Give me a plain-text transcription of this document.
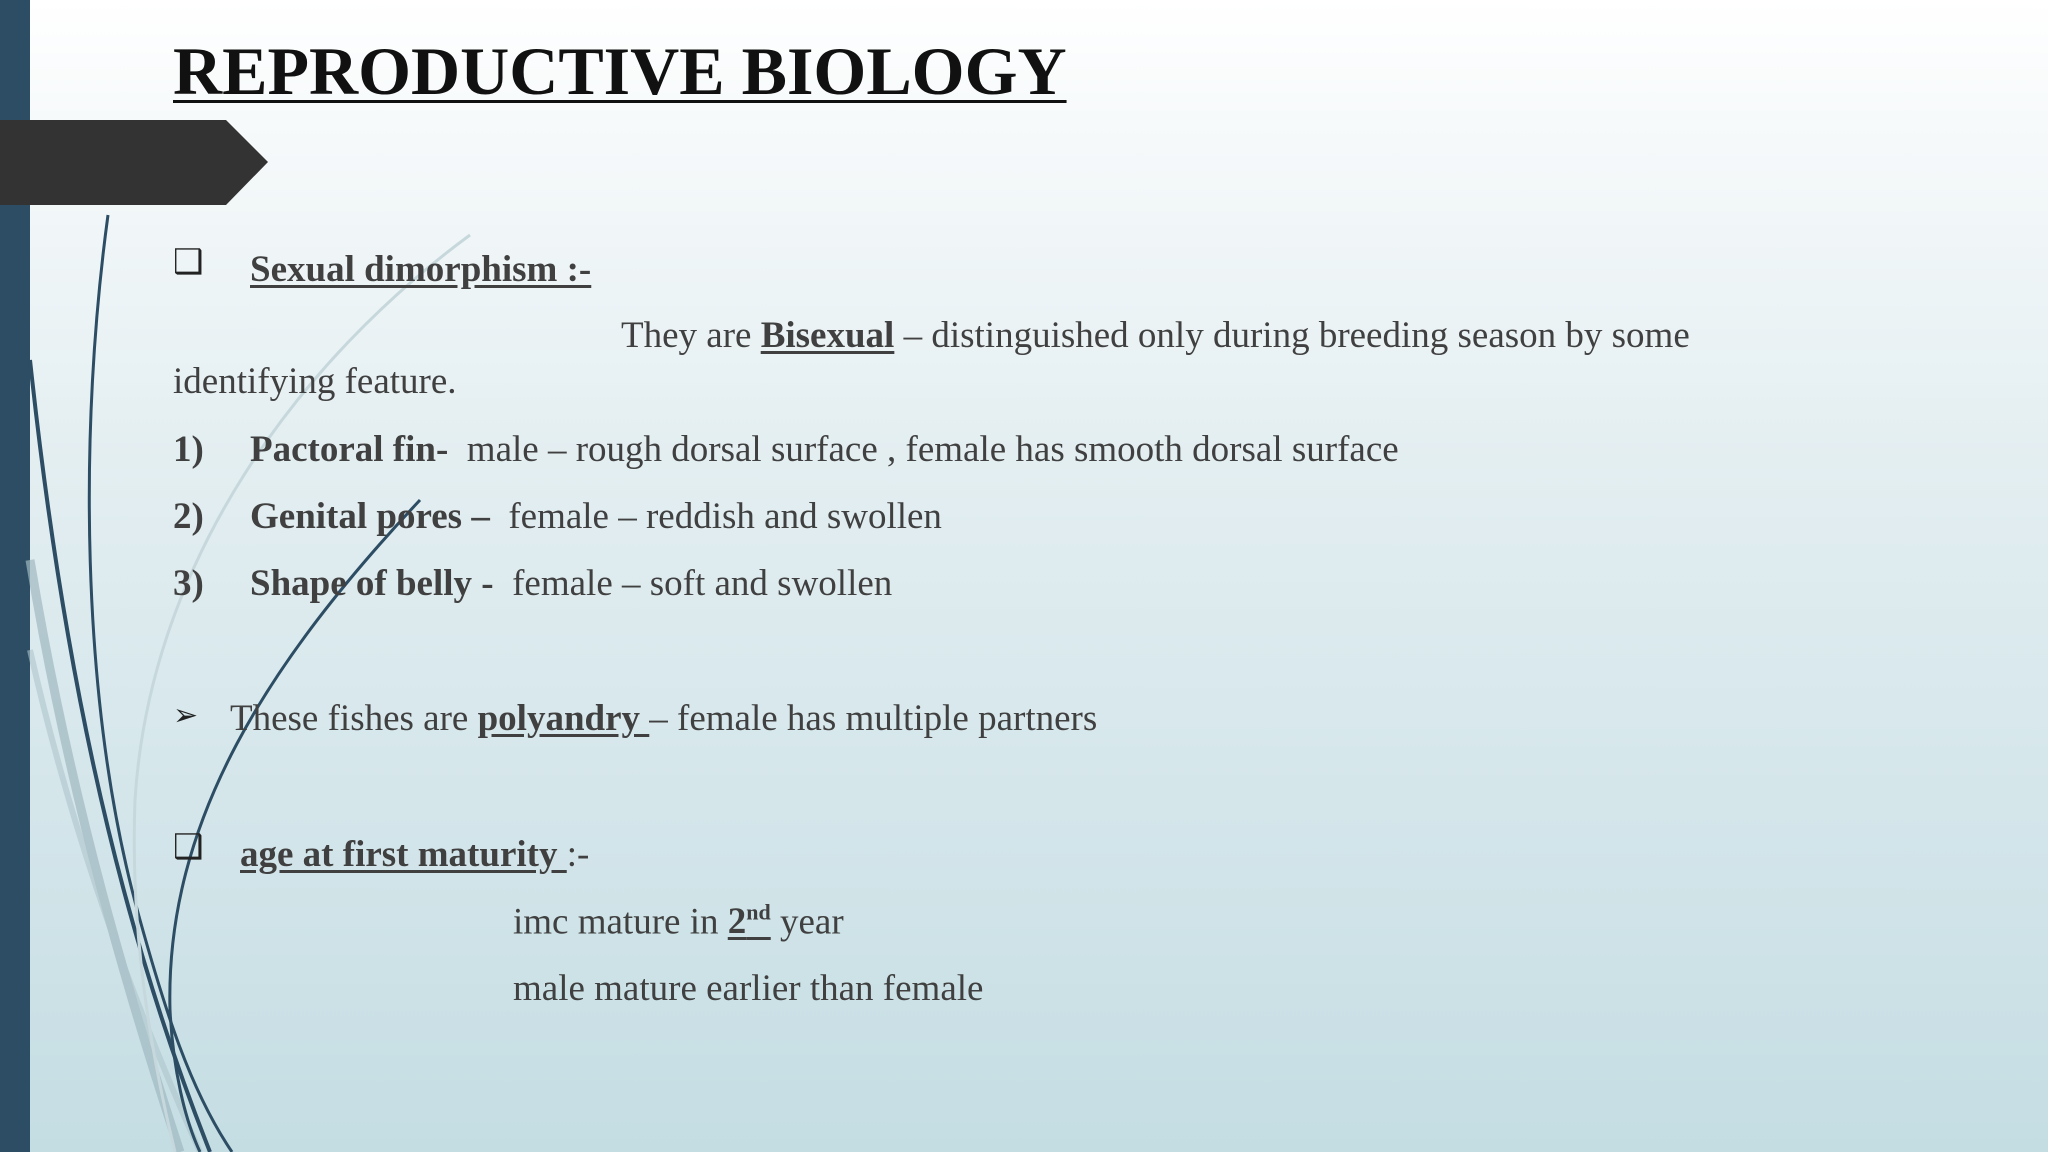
REPRODUCTIVE BIOLOGY
❑ Sexual dimorphism :-
They are Bisexual – distinguished only during breeding season by some
identifying feature.
1) Pactoral fin- male – rough dorsal surface , female has smooth dorsal surface
2) Genital pores – female – reddish and swollen
3) Shape of belly - female – soft and swollen
➢ These fishes are polyandry – female has multiple partners
❑ age at first maturity :-
imc mature in 2nd year
male mature earlier than female
